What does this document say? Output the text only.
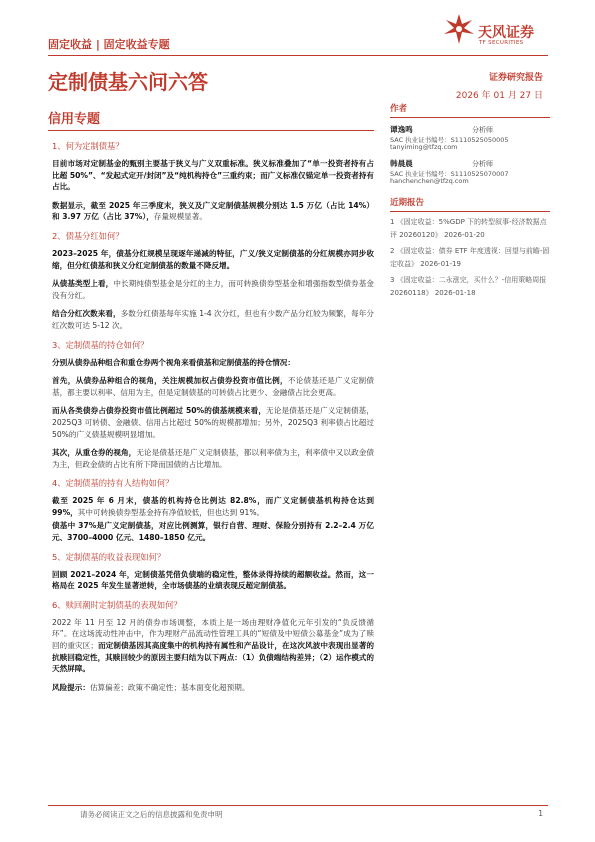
固定收益 | 固定收益专题
天风证券
TF SECURITIES
定制债基六问六答	证券研究报告
2026 年 01 月 27 日
信用专题
1、何为定制债基？
目前市场对定制基金的甄别主要基于狭义与广义双重标准。狭义标准叠加了“单一投资者持有占比超 50%”、“发起式定开/封闭”及“纯机构持仓”三重约束；而广义标准仅锚定单一投资者持有占比。
数据显示，截至 2025 年三季度末，狭义及广义定制债基规模分别达 1.5 万亿（占比 14%）和 3.97 万亿（占比 37%），存量规模显著。
2、债基分红如何？
2023–2025 年，债基分红规模呈现逐年递减的特征，广义/狭义定制债基的分红规模亦同步收缩，但分红债基和狭义分红定制债基的数量不降反增。
从债基类型上看，中长期纯债型基金是分红的主力，而可转换债券型基金和增强指数型债券基金没有分红。
结合分红次数来看，多数分红债基每年实施 1-4 次分红，但也有少数产品分红较为频繁，每年分红次数可达 5-12 次。
3、定制债基的持仓如何？
分别从债券品种组合和重仓券两个视角来看债基和定制债基的持仓情况：
首先，从债券品种组合的视角，关注规模加权占债券投资市值比例，不论债基还是广义定制债基，都主要以利率、信用为主，但是定制债基的可转债占比更少、金融债占比会更高。
而从各类债券占债券投资市值比例超过 50%的债基规模来看，无论是债基还是广义定制债基，2025Q3 可转债、金融债、信用占比超过 50%的规模都增加；另外，2025Q3 利率债占比超过 50%的广义债基规模明显增加。
其次，从重仓券的视角，无论是债基还是广义定制债基，都以利率债为主，利率债中又以政金债为主，但政金债的占比有所下降而国债的占比增加。
4、定制债基的持有人结构如何？
截至 2025 年 6 月末，债基的机构持仓比例达 82.8%，而广义定制债基机构持仓达到 99%，其中可转换债券型基金持有净值较低，但也达到 91%。
债基中 37%是广义定制债基，对应比例测算，银行自营、理财、保险分别持有 2.2–2.4 万亿元、3700–4000 亿元、1480–1850 亿元。
5、定制债基的收益表现如何？
回顾 2021–2024 年，定制债基凭借负债端的稳定性，整体录得持续的超额收益。然而，这一格局在 2025 年发生显著逆转，全市场债基的业绩表现反超定制债基。
6、赎回潮时定制债基的表现如何？
2022 年 11 月至 12 月的债券市场调整，本质上是一场由理财净值化元年引发的“负反馈循环”。在这场流动性冲击中，作为理财产品流动性管理工具的“短债及中短债公募基金”成为了赎回的重灾区；而定制债基因其高度集中的机构持有属性和产品设计，在这次风波中表现出显著的抗赎回稳定性，其赎回较少的原因主要归结为以下两点：（1）负债端结构差异；（2）运作模式的天然屏障。
风险提示：估算偏差；政策不确定性；基本面变化超预期。
作者
谭逸鸣	分析师
SAC 执业证书编号：S1110525050005
tanyiming@tfzq.com
韩晨晨	分析师
SAC 执业证书编号：S1110525070007
hanchenchen@tfzq.com
近期报告
1 《固定收益：5%GDP 下的转型叙事-经济数据点评 20260120》 2026-01-20
2 《固定收益：债券 ETF 年度透视：回望与前瞻-固定收益》 2026-01-19
3 《固定收益：二永涨完，买什么？-信用策略周报 20260118》 2026-01-18
请务必阅读正文之后的信息披露和免责申明	1
